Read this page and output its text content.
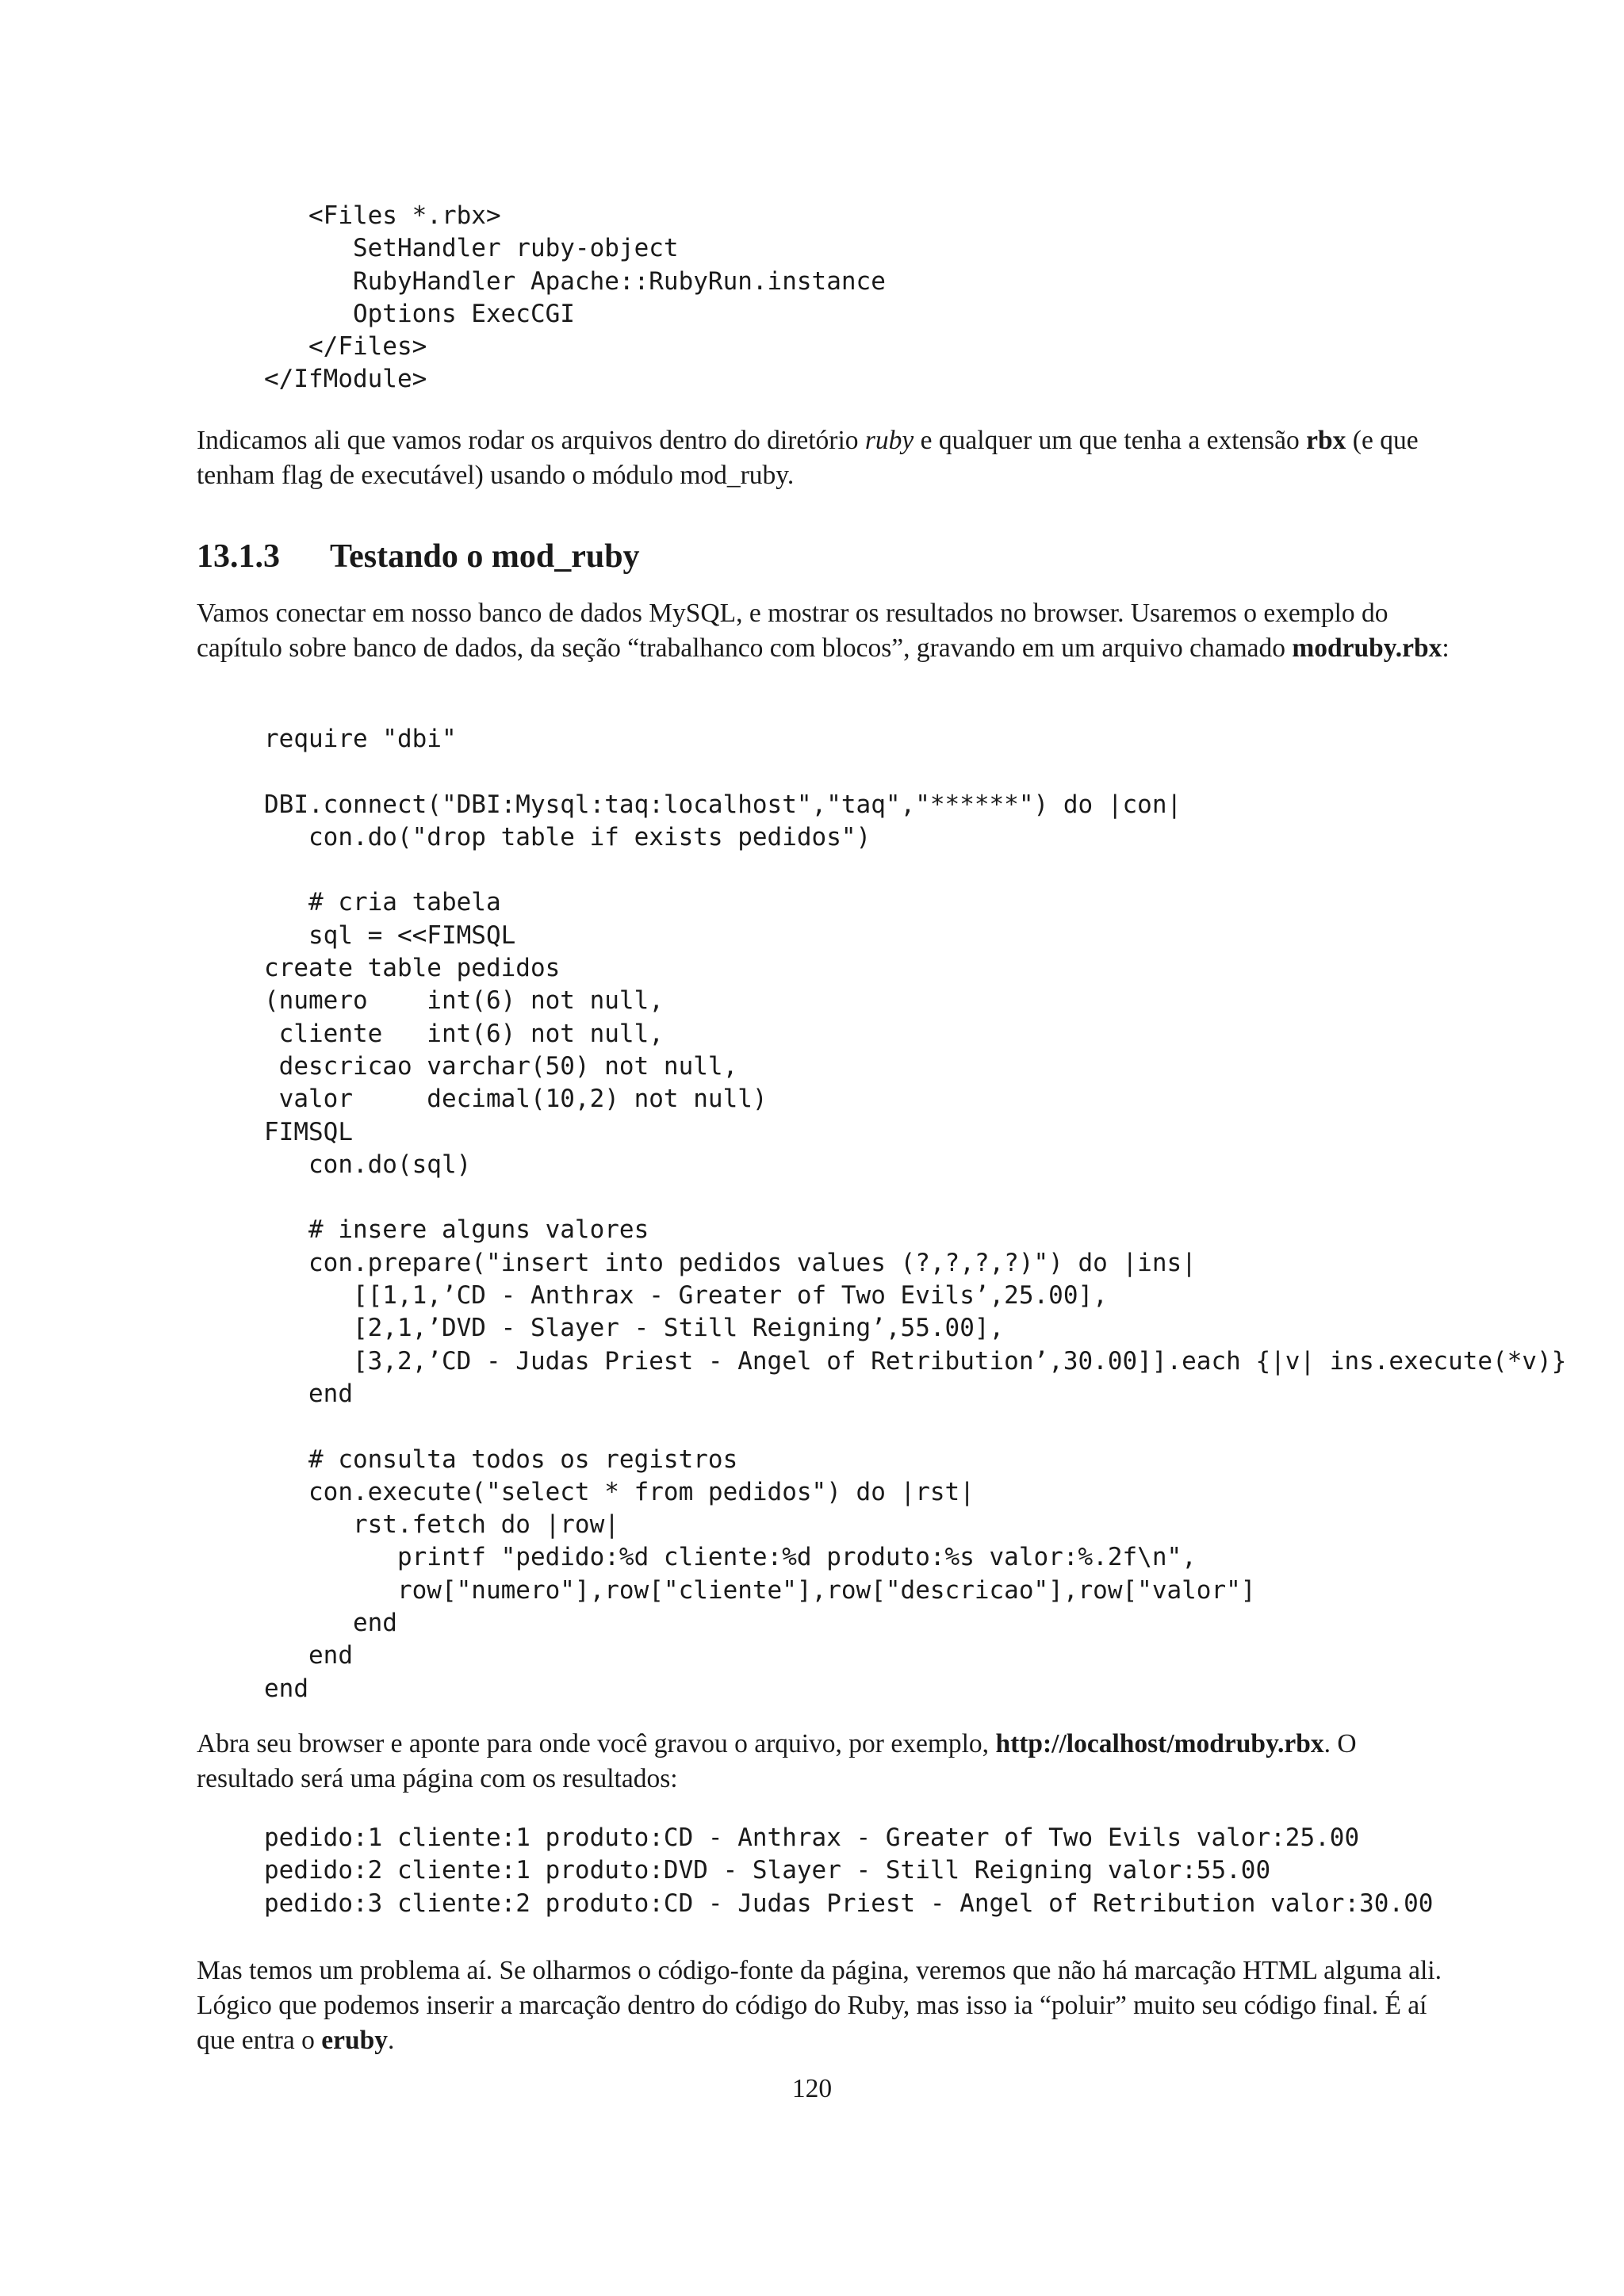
<Files *.rbx>
SetHandler ruby-object
RubyHandler Apache::RubyRun.instance
Options ExecCGI
</Files>
</IfModule>

Indicamos ali que vamos rodar os arquivos dentro do diretório ruby e qualquer um que tenha a extensão rbx (e que tenham flag de executável) usando o módulo mod_ruby.

13.1.3 Testando o mod_ruby

Vamos conectar em nosso banco de dados MySQL, e mostrar os resultados no browser. Usaremos o exemplo do capítulo sobre banco de dados, da seção “trabalhanco com blocos”, gravando em um arquivo chamado modruby.rbx:

require "dbi"

DBI.connect("DBI:Mysql:taq:localhost","taq","******") do |con|
con.do("drop table if exists pedidos")

# cria tabela
sql = <<FIMSQL
create table pedidos
(numero    int(6) not null,
cliente   int(6) not null,
descricao varchar(50) not null,
valor     decimal(10,2) not null)
FIMSQL
con.do(sql)

# insere alguns valores
con.prepare("insert into pedidos values (?,?,?,?)") do |ins|
[[1,1,’CD - Anthrax - Greater of Two Evils’,25.00],
[2,1,’DVD - Slayer - Still Reigning’,55.00],
[3,2,’CD - Judas Priest - Angel of Retribution’,30.00]].each {|v| ins.execute(*v)}
end

# consulta todos os registros
con.execute("select * from pedidos") do |rst|
rst.fetch do |row|
printf "pedido:%d cliente:%d produto:%s valor:%.2f\n",
row["numero"],row["cliente"],row["descricao"],row["valor"]
end
end
end

Abra seu browser e aponte para onde você gravou o arquivo, por exemplo, http://localhost/modruby.rbx. O resultado será uma página com os resultados:

pedido:1 cliente:1 produto:CD - Anthrax - Greater of Two Evils valor:25.00
pedido:2 cliente:1 produto:DVD - Slayer - Still Reigning valor:55.00
pedido:3 cliente:2 produto:CD - Judas Priest - Angel of Retribution valor:30.00

Mas temos um problema aí. Se olharmos o código-fonte da página, veremos que não há marcação HTML alguma ali. Lógico que podemos inserir a marcação dentro do código do Ruby, mas isso ia “poluir” muito seu código final. É aí que entra o eruby.

120
